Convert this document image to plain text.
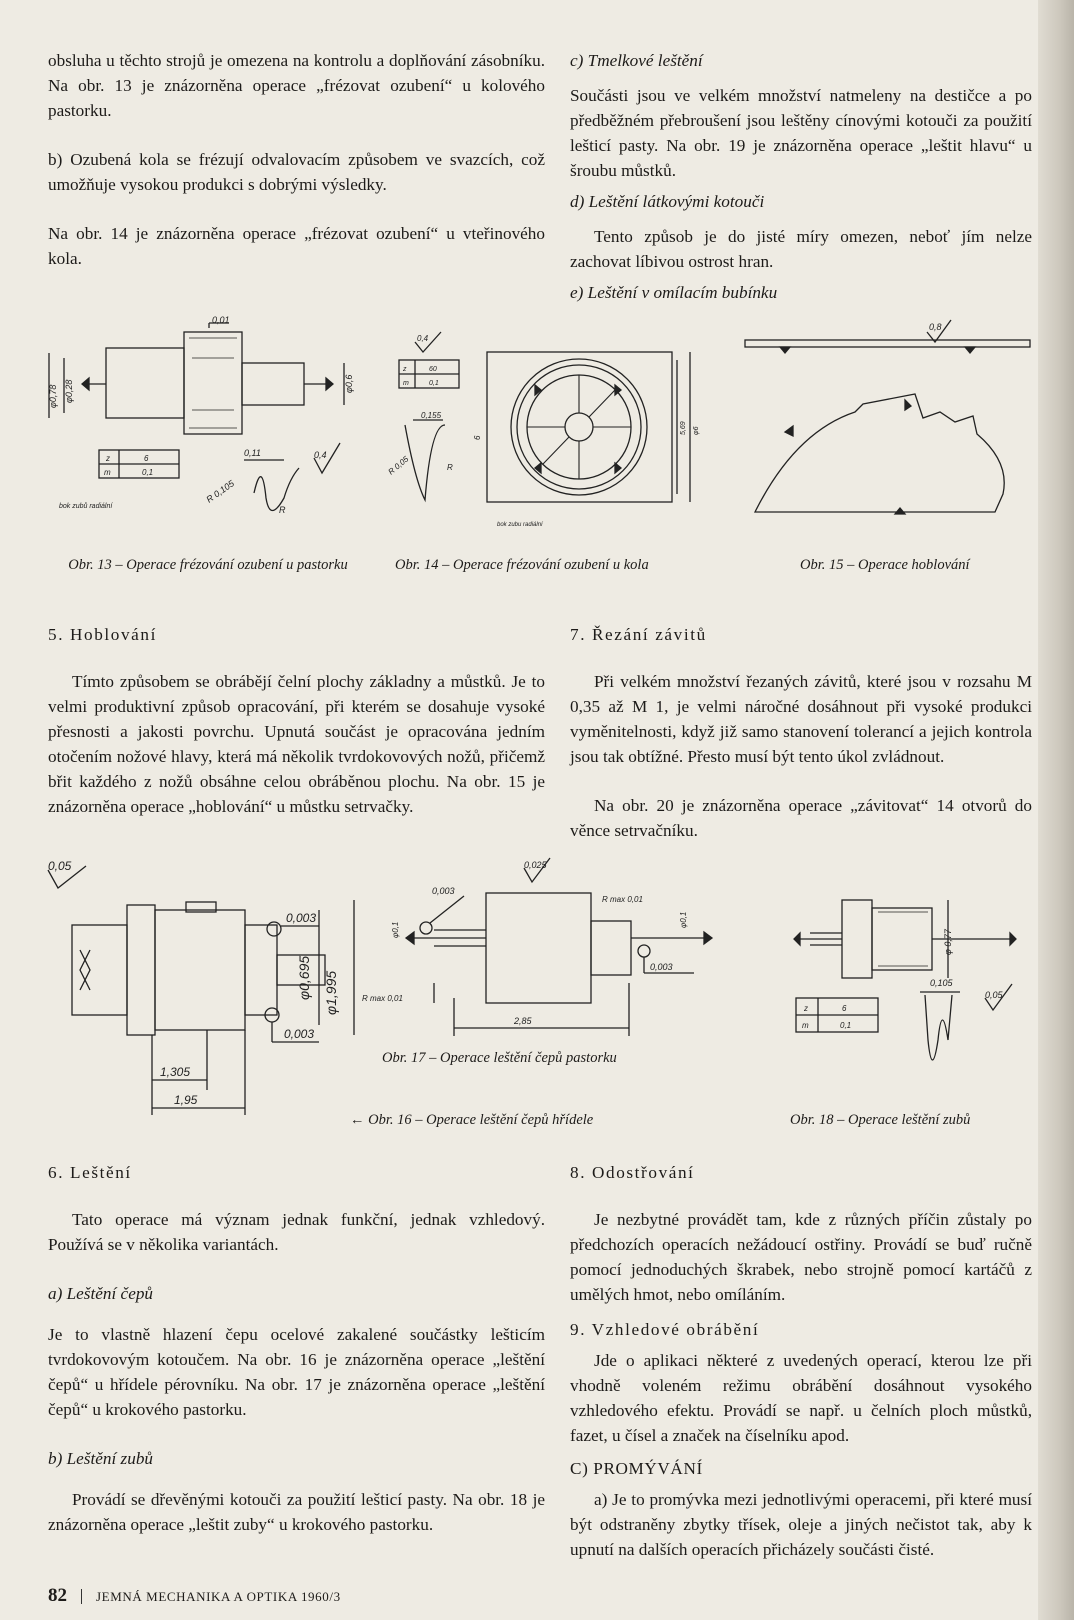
obsluha u těchto strojů je omezena na kontrolu a doplňování zásobníku. Na obr. 13 je znázorněna operace „frézovat ozubení“ u kolového pastorku.

b) Ozubená kola se frézují odvalovacím způsobem ve svazcích, což umožňuje vysokou produkci s dobrými výsledky.

Na obr. 14 je znázorněna operace „frézovat ozubení“ u vteřinového kola.

c) Tmelkové leštění

Součásti jsou ve velkém množství natmeleny na destičce a po předběžném přebroušení jsou leštěny cínovými kotouči za použití lešticí pasty. Na obr. 19 je znázorněna operace „leštit hlavu“ u šroubu můstků.

d) Leštění látkovými kotouči

Tento způsob je do jisté míry omezen, neboť jím nelze zachovat líbivou ostrost hran.

e) Leštění v omílacím bubínku
0,01
φ0,78 φ0,28	φ0,6
z	6
m	0,1
0,11
R 0,105
R
0,4
bok zubů radiální
0,4
z	60
m	0,1
0,155
R 0,05	R
5,69 φ6
6
bok zubu radiální
0,8
Obr. 13 – Operace frézování ozubení u pastorku	Obr. 14 – Operace frézování ozubení u kola	Obr. 15 – Operace hoblování
5. Hoblování

Tímto způsobem se obrábějí čelní plochy základny a můstků. Je to velmi produktivní způsob opracování, při kterém se dosahuje vysoké přesnosti a jakosti povrchu. Upnutá součást je opracována jedním otočením nožové hlavy, která má několik tvrdokovových nožů, přičemž břit každého z nožů obsáhne celou obráběnou plochu. Na obr. 15 je znázorněna operace „hoblování“ u můstku setrvačky.

7. Řezání závitů

Při velkém množství řezaných závitů, které jsou v rozsahu M 0,35 až M 1, je velmi náročné dosáhnout při vysoké produkci vyměnitelnosti, když již samo stanovení tolerancí a jejich kontrola jsou tak obtížné. Přesto musí být tento úkol zvládnout.

Na obr. 20 je znázorněna operace „závitovat“ 14 otvorů do věnce setrvačníku.

0,05
0,003
φ0,695 φ1,995
0,003
1,305
1,95
0,025
0,003
R max 0,01
φ0,1
0,003
R max 0,01
2,85
φ0,1
φ 0,77
z	6
m	0,1
0,105
0,05
Obr. 17 – Operace leštění čepů pastorku
← Obr. 16 – Operace leštění čepů hřídele	Obr. 18 – Operace leštění zubů
6. Leštění

Tato operace má význam jednak funkční, jednak vzhledový. Používá se v několika variantách.

a) Leštění čepů

Je to vlastně hlazení čepu ocelové zakalené součástky lešticím tvrdokovovým kotoučem. Na obr. 16 je znázorněna operace „leštění čepů“ u hřídele pérovníku. Na obr. 17 je znázorněna operace „leštění čepů“ u krokového pastorku.

b) Leštění zubů

Provádí se dřevěnými kotouči za použití lešticí pasty. Na obr. 18 je znázorněna operace „leštit zuby“ u krokového pastorku.

8. Odostřování

Je nezbytné provádět tam, kde z různých příčin zůstaly po předchozích operacích nežádoucí ostřiny. Provádí se buď ručně pomocí jednoduchých škrabek, nebo strojně pomocí kartáčů z umělých hmot, nebo omíláním.

9. Vzhledové obrábění

Jde o aplikaci některé z uvedených operací, kterou lze při vhodně voleném režimu obrábění dosáhnout vysokého vzhledového efektu. Provádí se např. u čelních ploch můstků, fazet, u čísel a značek na číselníku apod.

C) PROMÝVÁNÍ

a) Je to promývka mezi jednotlivými operacemi, při které musí být odstraněny zbytky třísek, oleje a jiných nečistot tak, aby k upnutí na dalších operacích přicházely součásti čisté.

82 JEMNÁ MECHANIKA A OPTIKA 1960/3
